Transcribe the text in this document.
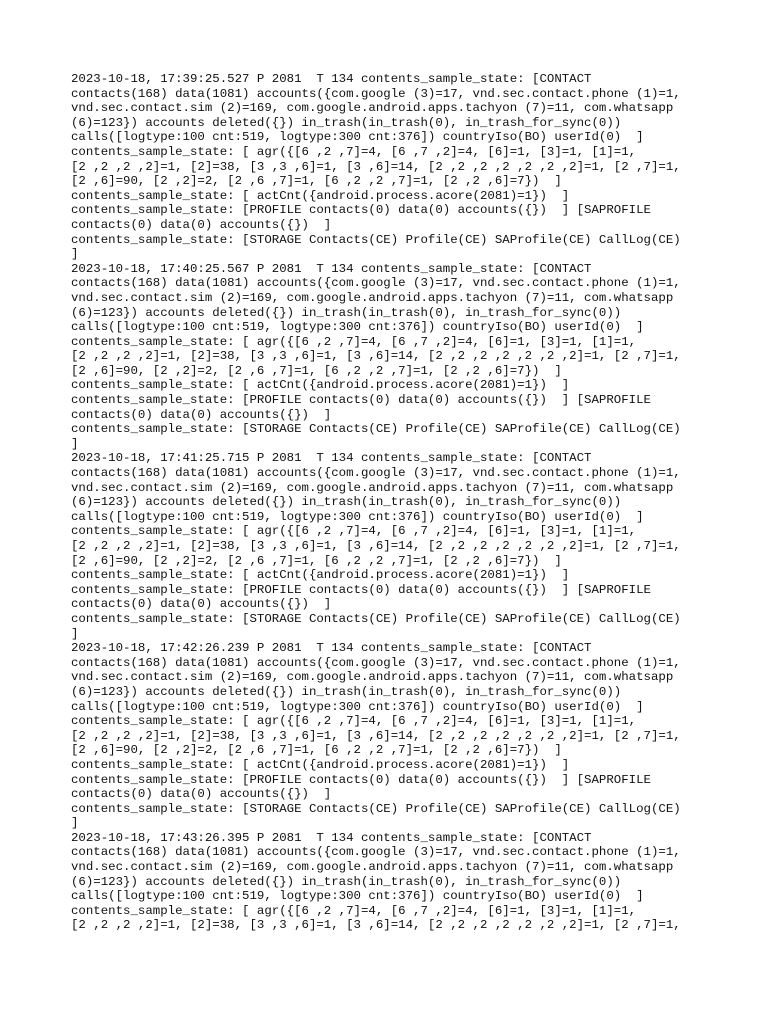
2023-10-18, 17:39:25.527 P 2081  T 134 contents_sample_state: [CONTACT
contacts(168) data(1081) accounts({com.google (3)=17, vnd.sec.contact.phone (1)=1,
vnd.sec.contact.sim (2)=169, com.google.android.apps.tachyon (7)=11, com.whatsapp
(6)=123}) accounts deleted({}) in_trash(in_trash(0), in_trash_for_sync(0))
calls([logtype:100 cnt:519, logtype:300 cnt:376]) countryIso(BO) userId(0)  ]
contents_sample_state: [ agr({[6 ,2 ,7]=4, [6 ,7 ,2]=4, [6]=1, [3]=1, [1]=1,
[2 ,2 ,2 ,2]=1, [2]=38, [3 ,3 ,6]=1, [3 ,6]=14, [2 ,2 ,2 ,2 ,2 ,2 ,2]=1, [2 ,7]=1,
[2 ,6]=90, [2 ,2]=2, [2 ,6 ,7]=1, [6 ,2 ,2 ,7]=1, [2 ,2 ,6]=7})  ]
contents_sample_state: [ actCnt({android.process.acore(2081)=1})  ]
contents_sample_state: [PROFILE contacts(0) data(0) accounts({})  ] [SAPROFILE
contacts(0) data(0) accounts({})  ]
contents_sample_state: [STORAGE Contacts(CE) Profile(CE) SAProfile(CE) CallLog(CE)
]
2023-10-18, 17:40:25.567 P 2081  T 134 contents_sample_state: [CONTACT
contacts(168) data(1081) accounts({com.google (3)=17, vnd.sec.contact.phone (1)=1,
vnd.sec.contact.sim (2)=169, com.google.android.apps.tachyon (7)=11, com.whatsapp
(6)=123}) accounts deleted({}) in_trash(in_trash(0), in_trash_for_sync(0))
calls([logtype:100 cnt:519, logtype:300 cnt:376]) countryIso(BO) userId(0)  ]
contents_sample_state: [ agr({[6 ,2 ,7]=4, [6 ,7 ,2]=4, [6]=1, [3]=1, [1]=1,
[2 ,2 ,2 ,2]=1, [2]=38, [3 ,3 ,6]=1, [3 ,6]=14, [2 ,2 ,2 ,2 ,2 ,2 ,2]=1, [2 ,7]=1,
[2 ,6]=90, [2 ,2]=2, [2 ,6 ,7]=1, [6 ,2 ,2 ,7]=1, [2 ,2 ,6]=7})  ]
contents_sample_state: [ actCnt({android.process.acore(2081)=1})  ]
contents_sample_state: [PROFILE contacts(0) data(0) accounts({})  ] [SAPROFILE
contacts(0) data(0) accounts({})  ]
contents_sample_state: [STORAGE Contacts(CE) Profile(CE) SAProfile(CE) CallLog(CE)
]
2023-10-18, 17:41:25.715 P 2081  T 134 contents_sample_state: [CONTACT
contacts(168) data(1081) accounts({com.google (3)=17, vnd.sec.contact.phone (1)=1,
vnd.sec.contact.sim (2)=169, com.google.android.apps.tachyon (7)=11, com.whatsapp
(6)=123}) accounts deleted({}) in_trash(in_trash(0), in_trash_for_sync(0))
calls([logtype:100 cnt:519, logtype:300 cnt:376]) countryIso(BO) userId(0)  ]
contents_sample_state: [ agr({[6 ,2 ,7]=4, [6 ,7 ,2]=4, [6]=1, [3]=1, [1]=1,
[2 ,2 ,2 ,2]=1, [2]=38, [3 ,3 ,6]=1, [3 ,6]=14, [2 ,2 ,2 ,2 ,2 ,2 ,2]=1, [2 ,7]=1,
[2 ,6]=90, [2 ,2]=2, [2 ,6 ,7]=1, [6 ,2 ,2 ,7]=1, [2 ,2 ,6]=7})  ]
contents_sample_state: [ actCnt({android.process.acore(2081)=1})  ]
contents_sample_state: [PROFILE contacts(0) data(0) accounts({})  ] [SAPROFILE
contacts(0) data(0) accounts({})  ]
contents_sample_state: [STORAGE Contacts(CE) Profile(CE) SAProfile(CE) CallLog(CE)
]
2023-10-18, 17:42:26.239 P 2081  T 134 contents_sample_state: [CONTACT
contacts(168) data(1081) accounts({com.google (3)=17, vnd.sec.contact.phone (1)=1,
vnd.sec.contact.sim (2)=169, com.google.android.apps.tachyon (7)=11, com.whatsapp
(6)=123}) accounts deleted({}) in_trash(in_trash(0), in_trash_for_sync(0))
calls([logtype:100 cnt:519, logtype:300 cnt:376]) countryIso(BO) userId(0)  ]
contents_sample_state: [ agr({[6 ,2 ,7]=4, [6 ,7 ,2]=4, [6]=1, [3]=1, [1]=1,
[2 ,2 ,2 ,2]=1, [2]=38, [3 ,3 ,6]=1, [3 ,6]=14, [2 ,2 ,2 ,2 ,2 ,2 ,2]=1, [2 ,7]=1,
[2 ,6]=90, [2 ,2]=2, [2 ,6 ,7]=1, [6 ,2 ,2 ,7]=1, [2 ,2 ,6]=7})  ]
contents_sample_state: [ actCnt({android.process.acore(2081)=1})  ]
contents_sample_state: [PROFILE contacts(0) data(0) accounts({})  ] [SAPROFILE
contacts(0) data(0) accounts({})  ]
contents_sample_state: [STORAGE Contacts(CE) Profile(CE) SAProfile(CE) CallLog(CE)
]
2023-10-18, 17:43:26.395 P 2081  T 134 contents_sample_state: [CONTACT
contacts(168) data(1081) accounts({com.google (3)=17, vnd.sec.contact.phone (1)=1,
vnd.sec.contact.sim (2)=169, com.google.android.apps.tachyon (7)=11, com.whatsapp
(6)=123}) accounts deleted({}) in_trash(in_trash(0), in_trash_for_sync(0))
calls([logtype:100 cnt:519, logtype:300 cnt:376]) countryIso(BO) userId(0)  ]
contents_sample_state: [ agr({[6 ,2 ,7]=4, [6 ,7 ,2]=4, [6]=1, [3]=1, [1]=1,
[2 ,2 ,2 ,2]=1, [2]=38, [3 ,3 ,6]=1, [3 ,6]=14, [2 ,2 ,2 ,2 ,2 ,2 ,2]=1, [2 ,7]=1,
